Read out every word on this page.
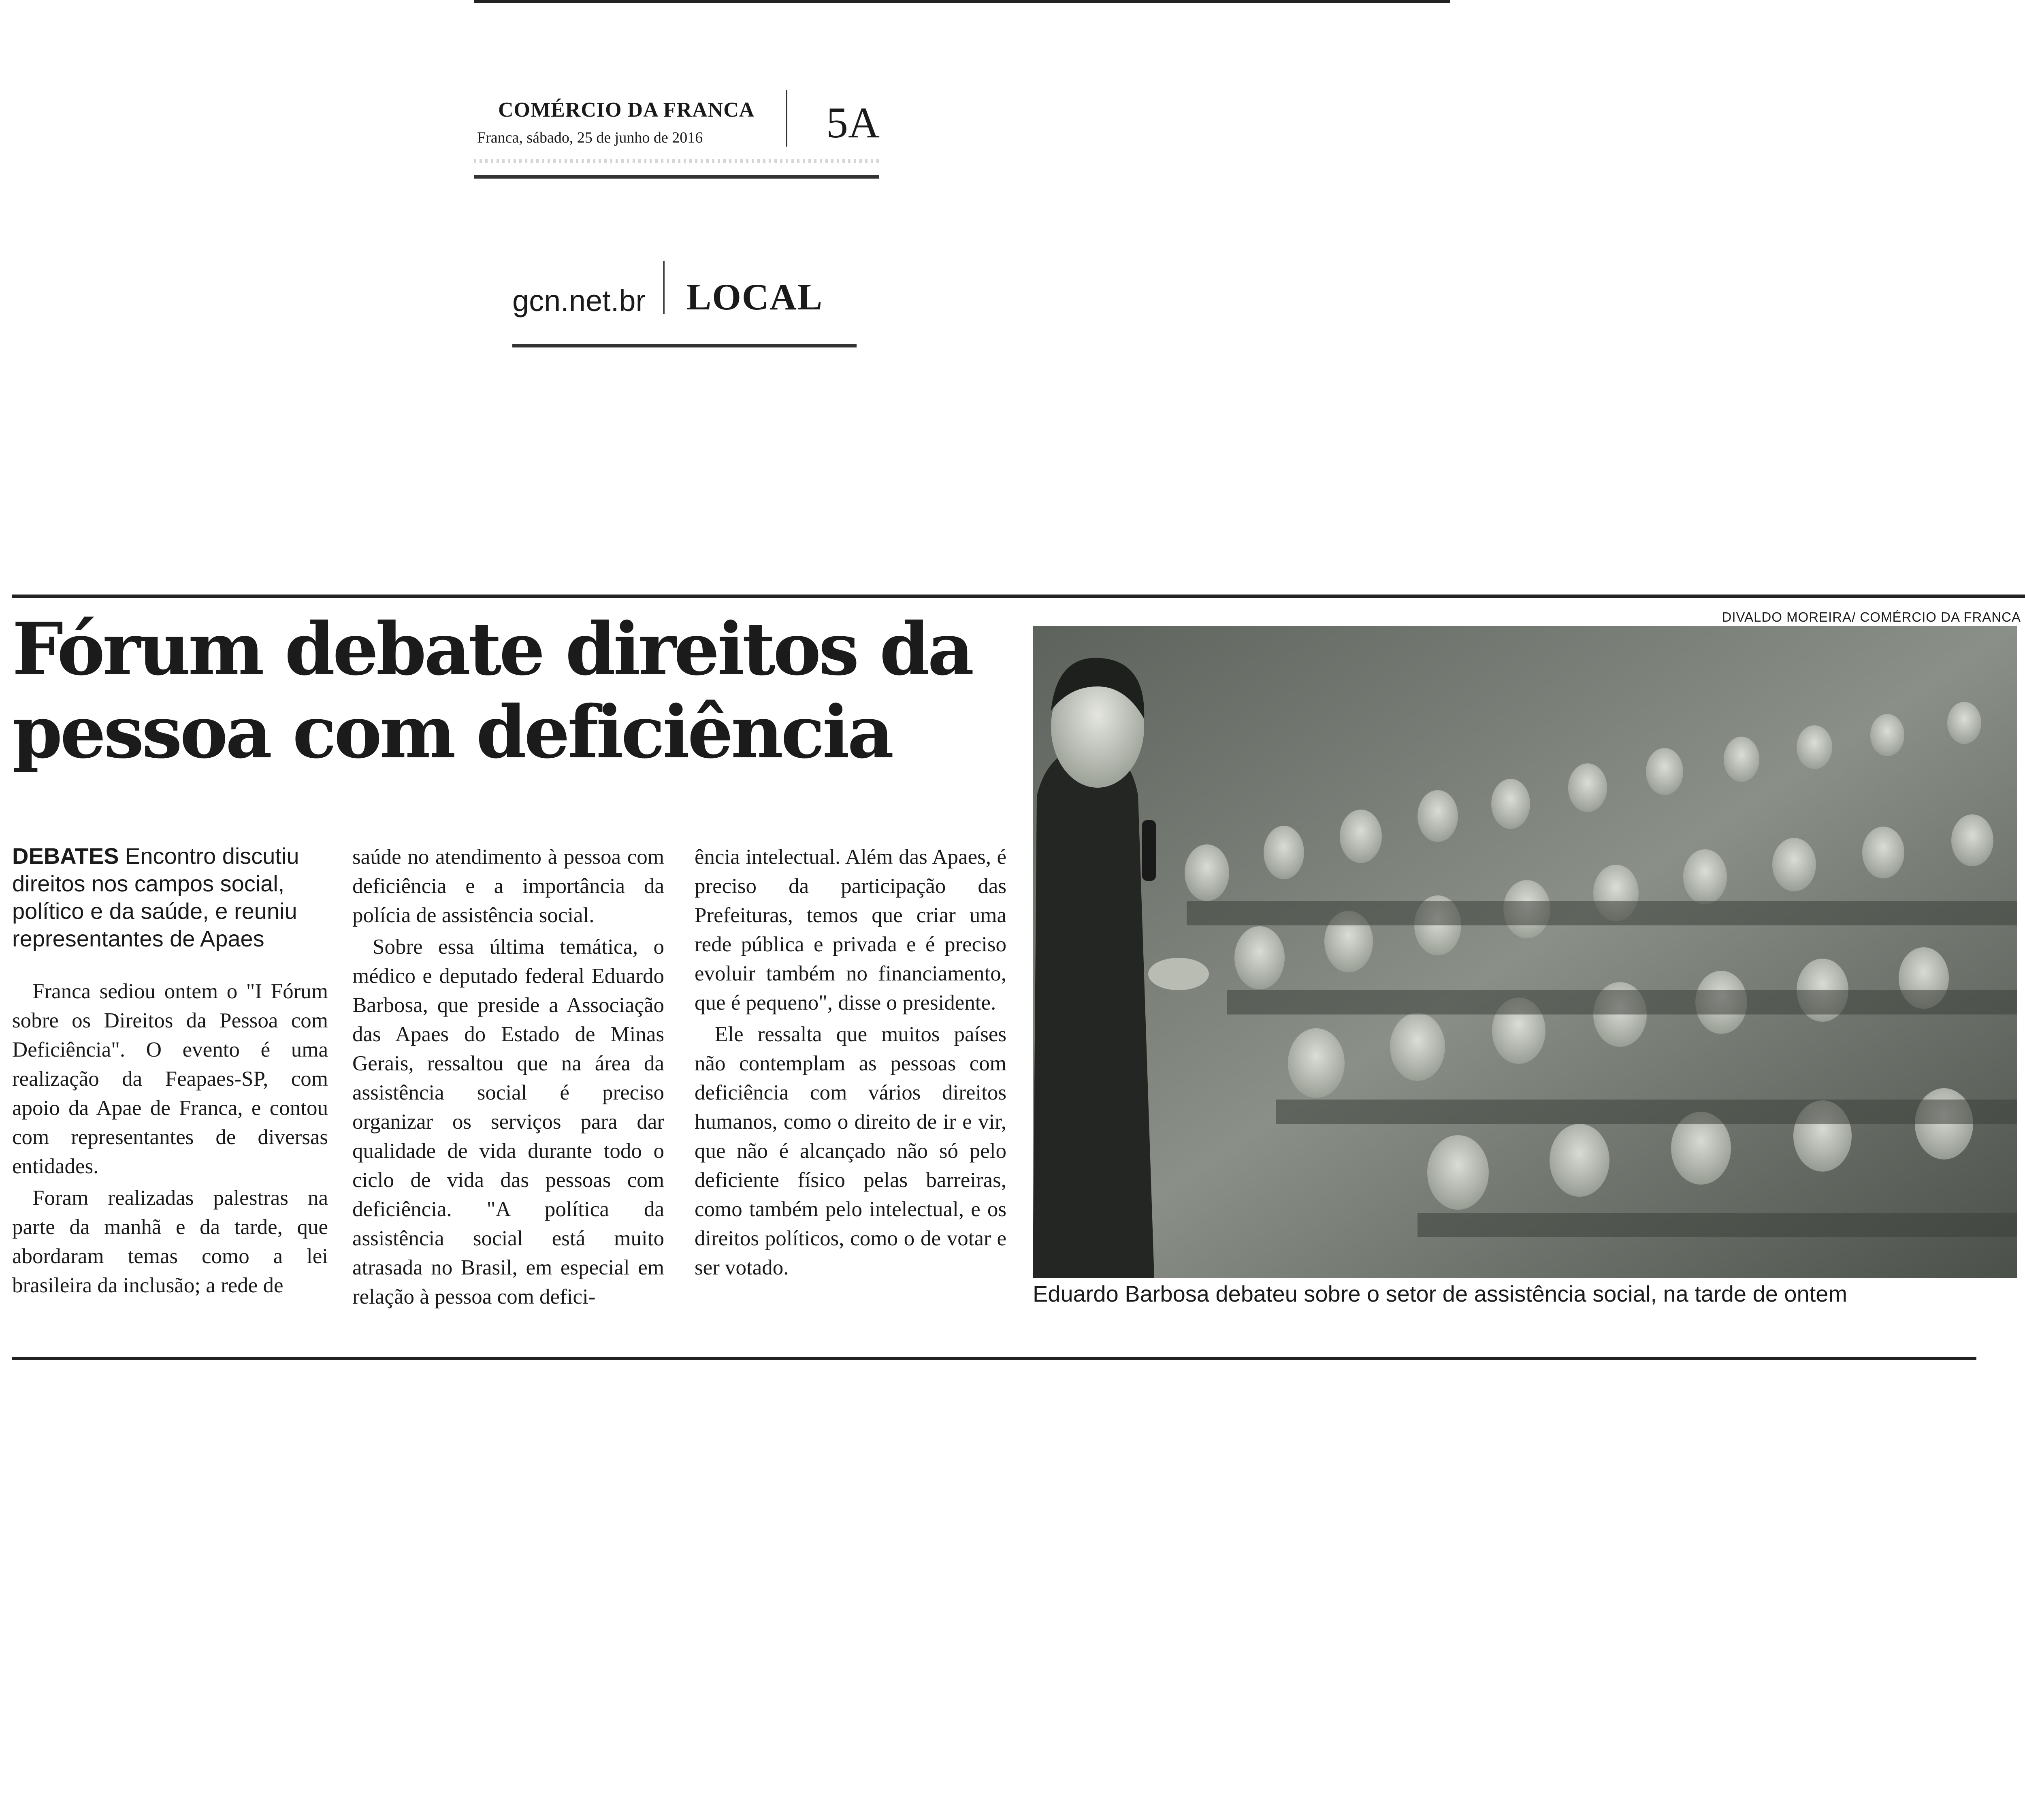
COMÉRCIO DA FRANCA
Franca, sábado, 25 de junho de 2016	5A
gcn.net.br LOCAL
Fórum debate direitos da pessoa com deficiência
DEBATES Encontro discutiu direitos nos campos social, político e da saúde, e reuniu representantes de Apaes

Franca sediou ontem o "I Fórum sobre os Direitos da Pessoa com Deficiência". O evento é uma realização da Feapaes-SP, com apoio da Apae de Franca, e contou com representantes de diversas entidades.

Foram realizadas palestras na parte da manhã e da tarde, que abordaram temas como a lei brasileira da inclusão; a rede de

saúde no atendimento à pessoa com deficiência e a importância da polícia de assistência social.

Sobre essa última temática, o médico e deputado federal Eduardo Barbosa, que preside a Associação das Apaes do Estado de Minas Gerais, ressaltou que na área da assistência social é preciso organizar os serviços para dar qualidade de vida durante todo o ciclo de vida das pessoas com deficiência. "A política da assistência social está muito atrasada no Brasil, em especial em relação à pessoa com defici-

ência intelectual. Além das Apaes, é preciso da participação das Prefeituras, temos que criar uma rede pública e privada e é preciso evoluir também no financiamento, que é pequeno", disse o presidente.

Ele ressalta que muitos países não contemplam as pessoas com deficiência com vários direitos humanos, como o direito de ir e vir, que não é alcançado não só pelo deficiente físico pelas barreiras, como também pelo intelectual, e os direitos políticos, como o de votar e ser votado.

DIVALDO MOREIRA/ COMÉRCIO DA FRANCA
Eduardo Barbosa debateu sobre o setor de assistência social, na tarde de ontem
